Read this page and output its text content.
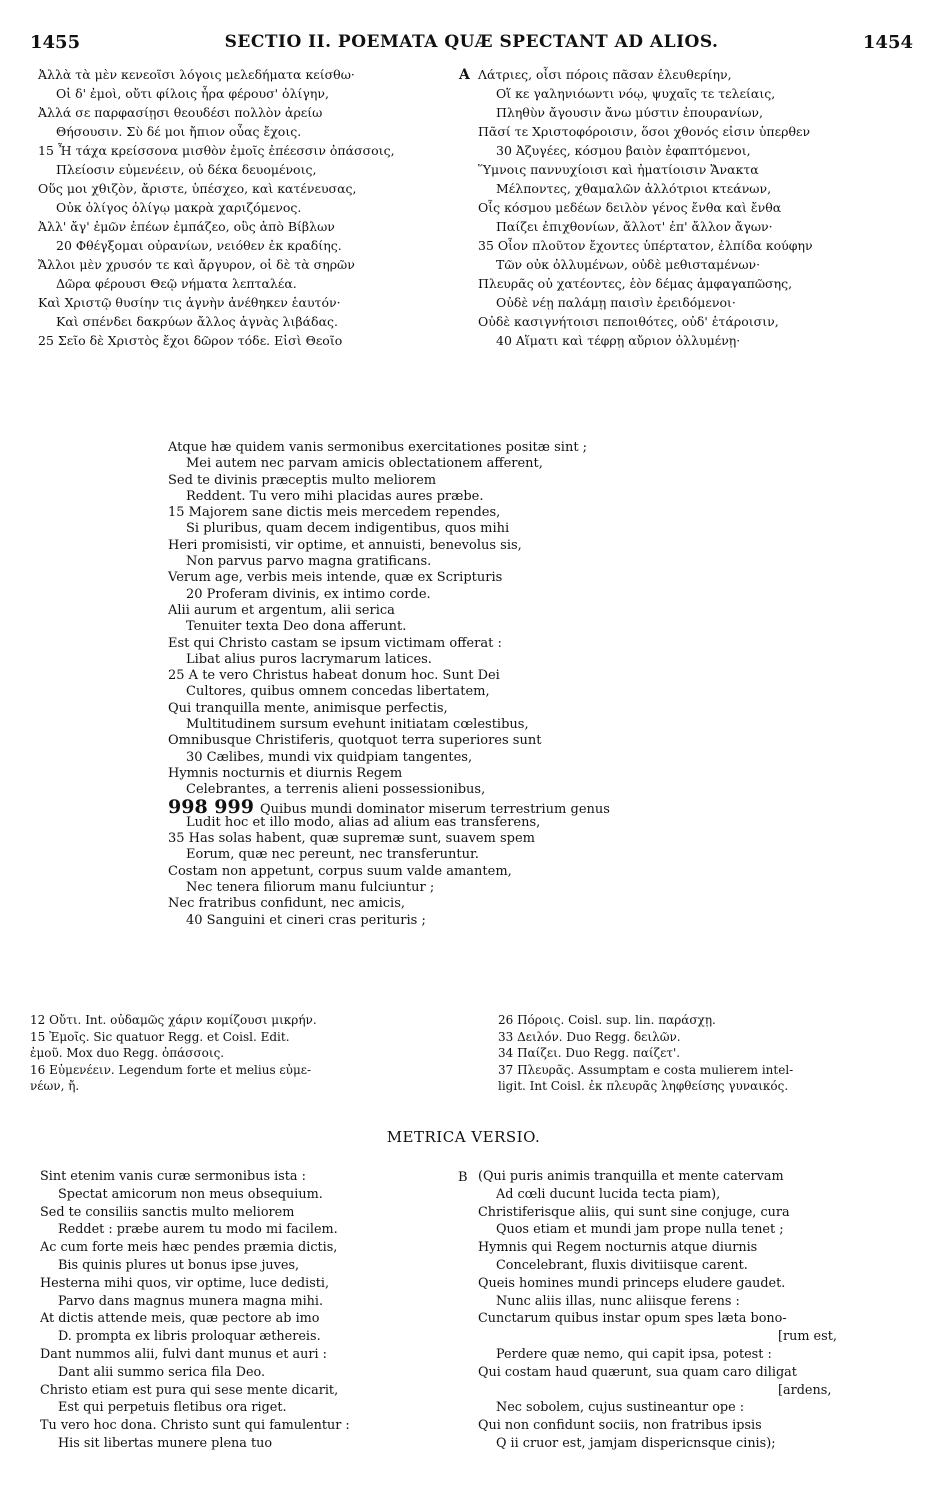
1455	SECTIO II. POEMATA QUÆ SPECTANT AD ALIOS.	1454
Ἀλλὰ τὰ μὲν κενεοῖσι λόγοις μελεδήματα κείσθω·
Οἱ δ' ἐμοὶ, οὔτι φίλοις ἦρα φέρουσ' ὀλίγην,
Ἀλλά σε παρφασίῃσι θεουδέσι πολλὸν ἀρείω
Θήσουσιν. Σὺ δέ μοι ἤπιον οὖας ἔχοις.
15 Ἦ τάχα κρείσσονα μισθὸν ἐμοῖς ἐπέεσσιν ὀπάσσοις,
Πλείοσιν εὐμενέειν, οὐ δέκα δευομένοις,
Οὕς μοι χθιζὸν, ἄριστε, ὑπέσχεο, καὶ κατένευσας,
Οὐκ ὀλίγος ὀλίγῳ μακρὰ χαριζόμενος.
Ἀλλ' ἄγ' ἐμῶν ἐπέων ἐμπάζεο, οὓς ἀπὸ Βίβλων
20 Φθέγξομαι οὐρανίων, νειόθεν ἐκ κραδίης.
Ἄλλοι μὲν χρυσόν τε καὶ ἄργυρον, οἱ δὲ τὰ σηρῶν
Δῶρα φέρουσι Θεῷ νήματα λεπταλέα.
Καὶ Χριστῷ θυσίην τις ἁγνὴν ἀνέθηκεν ἑαυτόν·
Καὶ σπένδει δακρύων ἄλλος ἁγνὰς λιβάδας.
25 Σεῖο δὲ Χριστὸς ἔχοι δῶρον τόδε. Εἰσὶ Θεοῖο
A Λάτριες, οἷσι πόροις πᾶσαν ἐλευθερίην,
Οἵ κε γαληνιόωντι νόῳ, ψυχαῖς τε τελείαις,
Πληθὺν ἄγουσιν ἄνω μύστιν ἐπουρανίων,
Πᾶσί τε Χριστοφόροισιν, ὅσοι χθονός εἰσιν ὑπερθεν
30 Ἀζυγέες, κόσμου βαιὸν ἐφαπτόμενοι,
Ὕμνοις παννυχίοισι καὶ ἠματίοισιν Ἄνακτα
Μέλποντες, χθαμαλῶν ἀλλότριοι κτεάνων,
Οἷς κόσμου μεδέων δειλὸν γένος ἔνθα καὶ ἔνθα
Παίζει ἐπιχθονίων, ἄλλοτ' ἐπ' ἄλλον ἄγων·
35 Οἶον πλοῦτον ἔχοντες ὑπέρτατον, ἐλπίδα κούφην
Τῶν οὐκ ὀλλυμένων, οὐδὲ μεθισταμένων·
Πλευρᾶς οὐ χατέοντες, ἑὸν δέμας ἀμφαγαπῶσης,
Οὐδὲ νέῃ παλάμῃ παισὶν ἐρειδόμενοι·
Οὐδὲ κασιγνήτοισι πεποιθότες, οὐδ' ἑτάροισιν,
40 Αἵματι καὶ τέφρῃ αὔριον ὀλλυμένῃ·
Atque hæ quidem vanis sermonibus exercitationes positæ sint ;
Mei autem nec parvam amicis oblectationem afferent,
Sed te divinis præceptis multo meliorem
Reddent. Tu vero mihi placidas aures præbe.
15 Majorem sane dictis meis mercedem rependes,
Si pluribus, quam decem indigentibus, quos mihi
Heri promisisti, vir optime, et annuisti, benevolus sis,
Non parvus parvo magna gratificans.
Verum age, verbis meis intende, quæ ex Scripturis
20 Proferam divinis, ex intimo corde.
Alii aurum et argentum, alii serica
Tenuiter texta Deo dona afferunt.
Est qui Christo castam se ipsum victimam offerat :
Libat alius puros lacrymarum latices.
25 A te vero Christus habeat donum hoc. Sunt Dei
Cultores, quibus omnem concedas libertatem,
Qui tranquilla mente, animisque perfectis,
Multitudinem sursum evehunt initiatam cœlestibus,
Omnibusque Christiferis, quotquot terra superiores sunt
30 Cælibes, mundi vix quidpiam tangentes,
Hymnis nocturnis et diurnis Regem
Celebrantes, a terrenis alieni possessionibus,
998 999 Quibus mundi dominator miserum terrestrium genus
Ludit hoc et illo modo, alias ad alium eas transferens,
35 Has solas habent, quæ supremæ sunt, suavem spem
Eorum, quæ nec pereunt, nec transferuntur.
Costam non appetunt, corpus suum valde amantem,
Nec tenera filiorum manu fulciuntur ;
Nec fratribus confidunt, nec amicis,
40 Sanguini et cineri cras perituris ;
12 Οὔτι. Int. οὐδαμῶς χάριν κομίζουσι μικρήν.
15 Ἐμοῖς. Sic quatuor Regg. et Coisl. Edit.
ἐμοῦ. Mox duo Regg. ὀπάσσοις.
16 Εὐμενέειν. Legendum forte et melius εὐμε-
νέων, ἤ.
26 Πόροις. Coisl. sup. lin. παράσχῃ.
33 Δειλόν. Duo Regg. δειλῶν.
34 Παίζει. Duo Regg. παίζετ'.
37 Πλευρᾶς. Assumptam e costa mulierem intel-
ligit. Int Coisl. ἐκ πλευρᾶς ληφθείσης γυναικός.
METRICA VERSIO.
Sint etenim vanis curæ sermonibus ista :
Spectat amicorum non meus obsequium.
Sed te consiliis sanctis multo meliorem
Reddet : præbe aurem tu modo mi facilem.
Ac cum forte meis hæc pendes præmia dictis,
Bis quinis plures ut bonus ipse juves,
Hesterna mihi quos, vir optime, luce dedisti,
Parvo dans magnus munera magna mihi.
At dictis attende meis, quæ pectore ab imo
D. prompta ex libris proloquar æthereis.
Dant nummos alii, fulvi dant munus et auri :
Dant alii summo serica fila Deo.
Christo etiam est pura qui sese mente dicarit,
Est qui perpetuis fletibus ora riget.
Tu vero hoc dona. Christo sunt qui famulentur :
His sit libertas munere plena tuo
B (Qui puris animis tranquilla et mente catervam
Ad cœli ducunt lucida tecta piam),
Christiferisque aliis, qui sunt sine conjuge, cura
Quos etiam et mundi jam prope nulla tenet ;
Hymnis qui Regem nocturnis atque diurnis
Concelebrant, fluxis divitiisque carent.
Queis homines mundi princeps eludere gaudet.
Nunc aliis illas, nunc aliisque ferens :
Cunctarum quibus instar opum spes læta bono-
[rum est,
Perdere quæ nemo, qui capit ipsa, potest :
Qui costam haud quærunt, sua quam caro diligat
[ardens,
Nec sobolem, cujus sustineantur ope :
Qui non confidunt sociis, non fratribus ipsis
Q ii cruor est, jamjam dispericnsque cinis);
